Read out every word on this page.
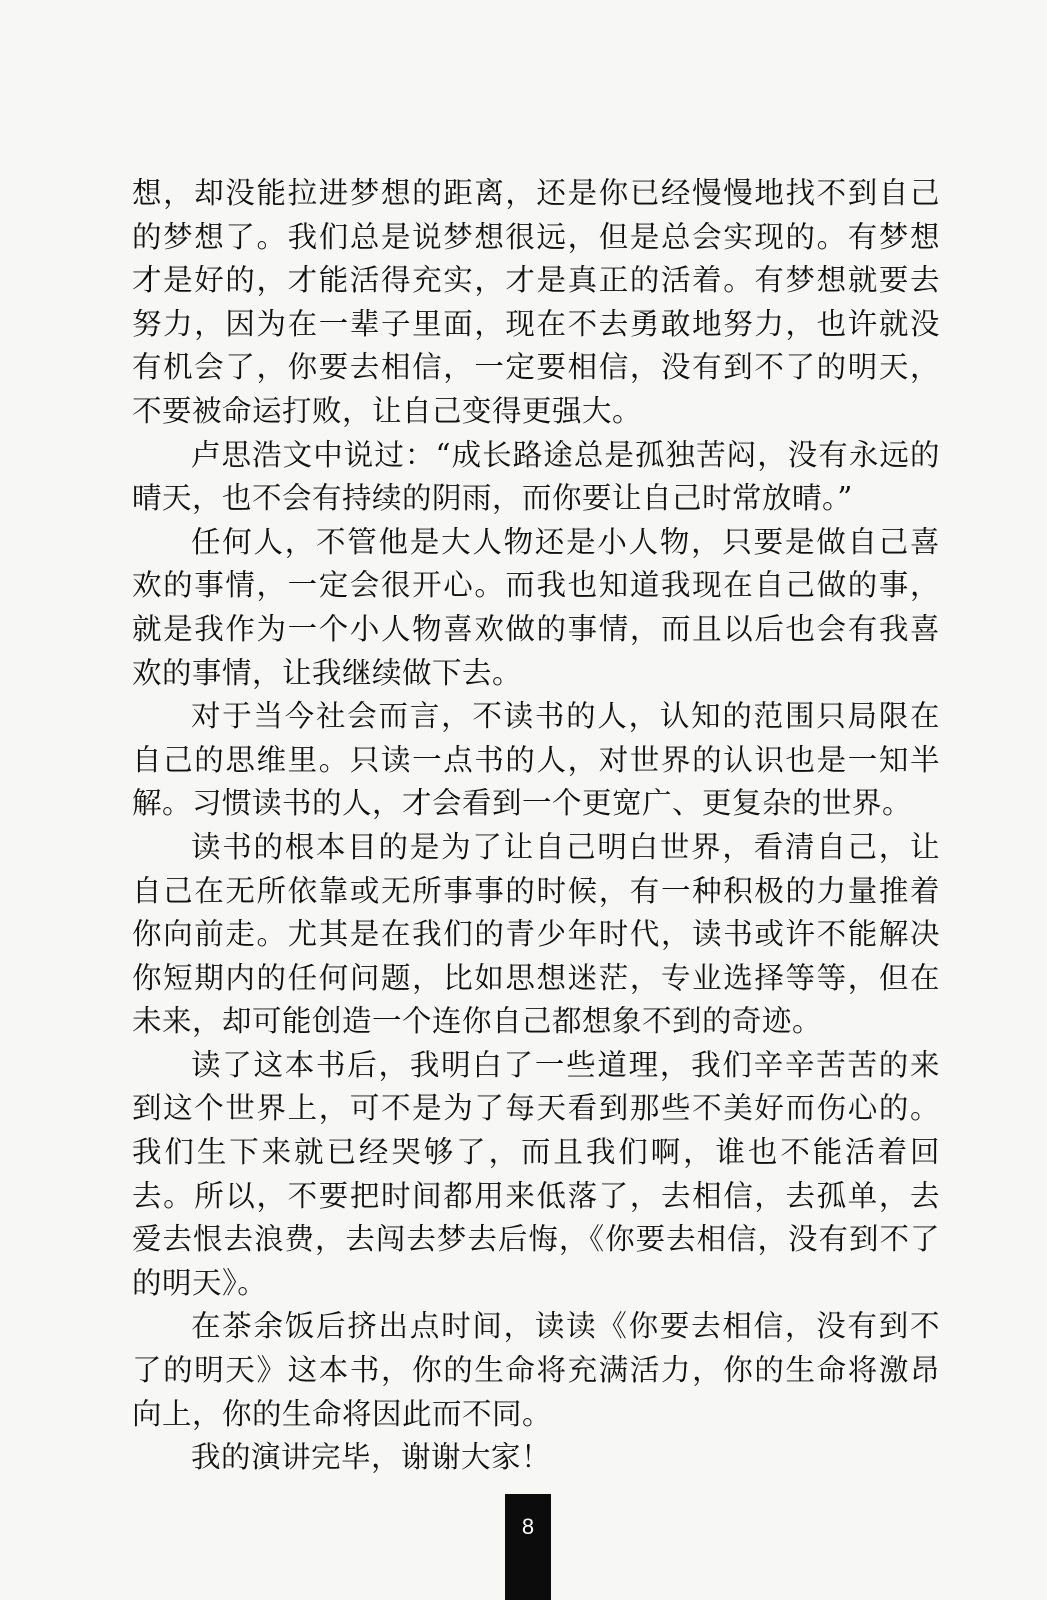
想，却没能拉进梦想的距离，还是你已经慢慢地找不到自己的梦想了。我们总是说梦想很远，但是总会实现的。有梦想才是好的，才能活得充实，才是真正的活着。有梦想就要去努力，因为在一辈子里面，现在不去勇敢地努力，也许就没有机会了，你要去相信，一定要相信，没有到不了的明天，不要被命运打败，让自己变得更强大。

卢思浩文中说过：“成长路途总是孤独苦闷，没有永远的晴天，也不会有持续的阴雨，而你要让自己时常放晴。”

任何人，不管他是大人物还是小人物，只要是做自己喜欢的事情，一定会很开心。而我也知道我现在自己做的事，就是我作为一个小人物喜欢做的事情，而且以后也会有我喜欢的事情，让我继续做下去。

对于当今社会而言，不读书的人，认知的范围只局限在自己的思维里。只读一点书的人，对世界的认识也是一知半解。习惯读书的人，才会看到一个更宽广、更复杂的世界。

读书的根本目的是为了让自己明白世界，看清自己，让自己在无所依靠或无所事事的时候，有一种积极的力量推着你向前走。尤其是在我们的青少年时代，读书或许不能解决你短期内的任何问题，比如思想迷茫，专业选择等等，但在未来，却可能创造一个连你自己都想象不到的奇迹。

读了这本书后，我明白了一些道理，我们辛辛苦苦的来到这个世界上，可不是为了每天看到那些不美好而伤心的。我们生下来就已经哭够了，而且我们啊，谁也不能活着回去。所以，不要把时间都用来低落了，去相信，去孤单，去爱去恨去浪费，去闯去梦去后悔，《你要去相信，没有到不了的明天》。

在茶余饭后挤出点时间，读读《你要去相信，没有到不了的明天》这本书，你的生命将充满活力，你的生命将激昂向上，你的生命将因此而不同。

我的演讲完毕，谢谢大家！

8
